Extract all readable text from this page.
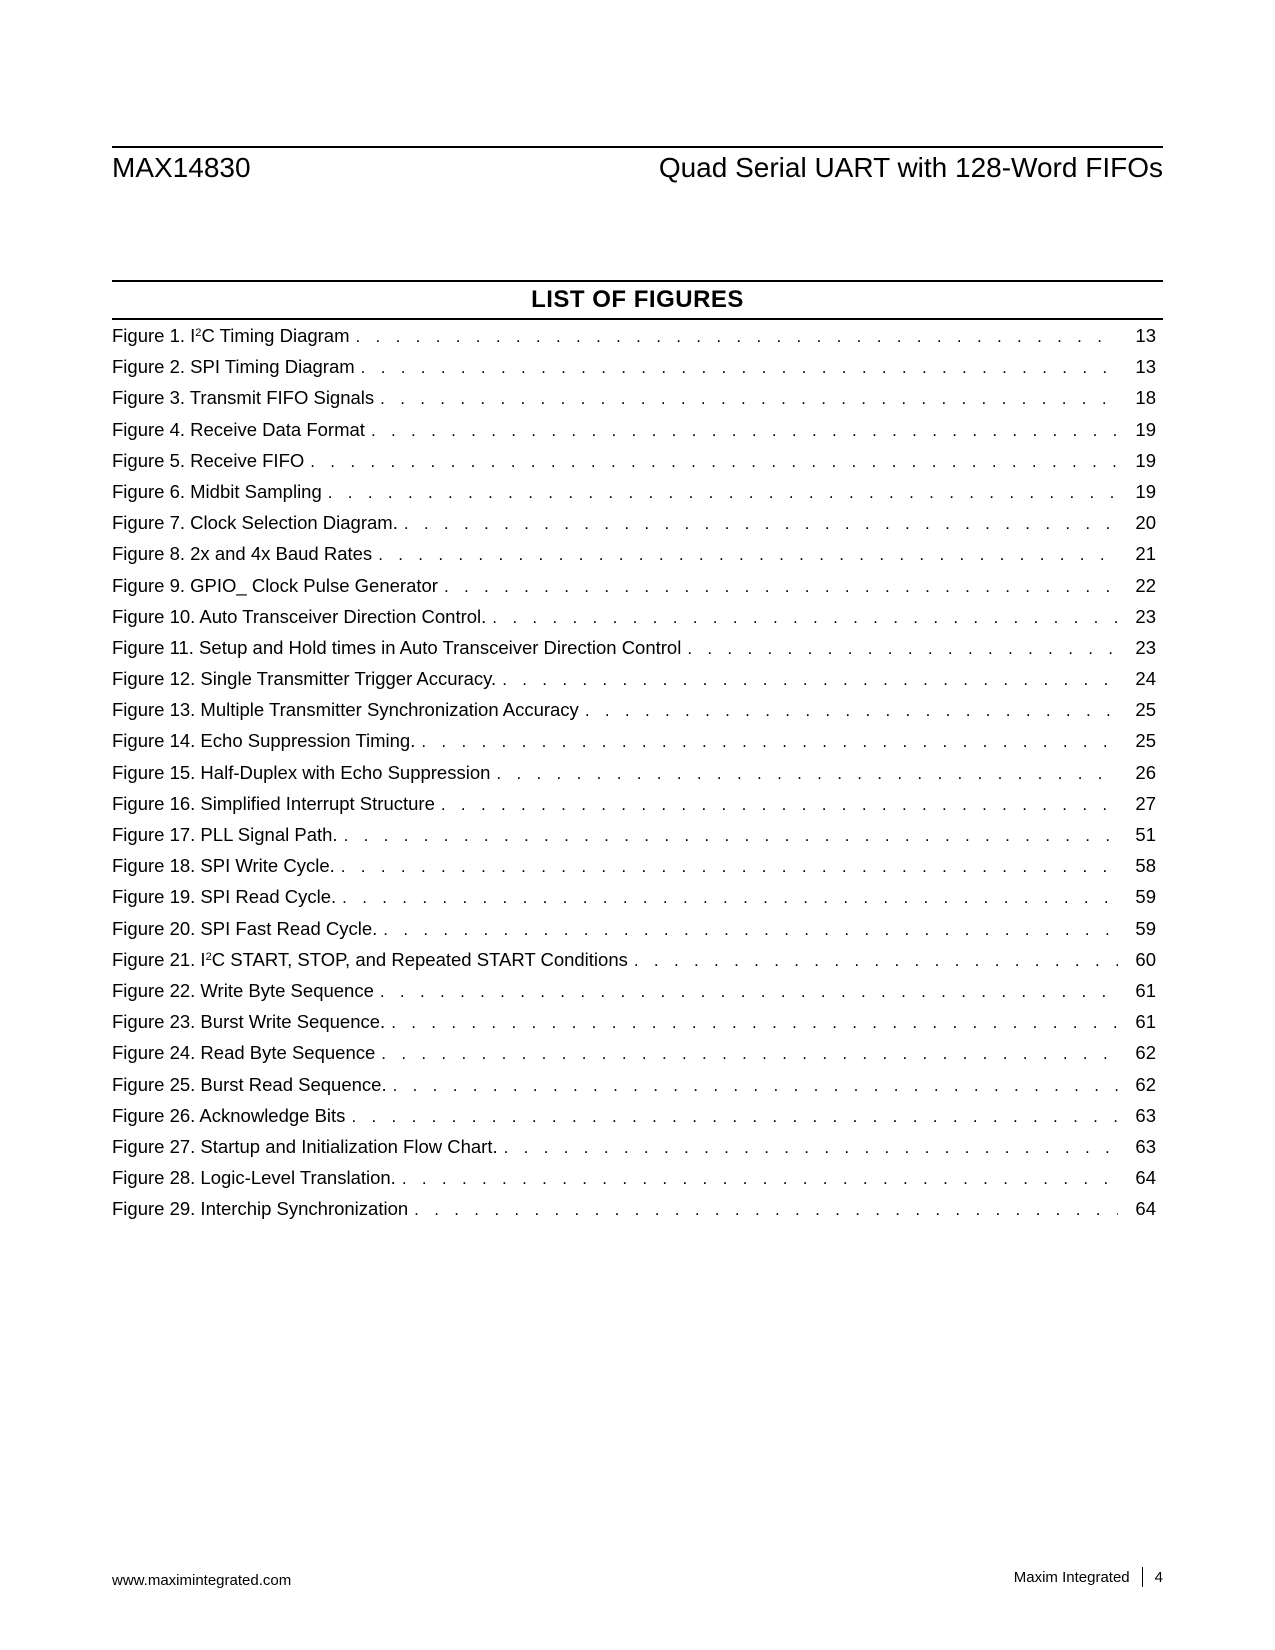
MAX14830	Quad Serial UART with 128-Word FIFOs
LIST OF FIGURES
Figure 1. $I^2C$ Timing Diagram . . .	13
Figure 2. SPI Timing Diagram . . .	13
Figure 3. Transmit FIFO Signals . . .	18
Figure 4. Receive Data Format . . .	19
Figure 5. Receive FIFO . . .	19
Figure 6. Midbit Sampling . . .	19
Figure 7. Clock Selection Diagram. . . .	20
Figure 8. 2x and 4x Baud Rates . . .	21
Figure 9. GPIO_ Clock Pulse Generator . . .	22
Figure 10. Auto Transceiver Direction Control. . . .	23
Figure 11. Setup and Hold times in Auto Transceiver Direction Control . . .	23
Figure 12. Single Transmitter Trigger Accuracy. . . .	24
Figure 13. Multiple Transmitter Synchronization Accuracy . . .	25
Figure 14. Echo Suppression Timing. . . .	25
Figure 15. Half-Duplex with Echo Suppression . . .	26
Figure 16. Simplified Interrupt Structure . . .	27
Figure 17. PLL Signal Path. . . .	51
Figure 18. SPI Write Cycle. . . .	58
Figure 19. SPI Read Cycle. . . .	59
Figure 20. SPI Fast Read Cycle. . . .	59
Figure 21. $I^2C$ START, STOP, and Repeated START Conditions . . .	60
Figure 22. Write Byte Sequence . . .	61
Figure 23. Burst Write Sequence. . . .	61
Figure 24. Read Byte Sequence . . .	62
Figure 25. Burst Read Sequence. . . .	62
Figure 26. Acknowledge Bits . . .	63
Figure 27. Startup and Initialization Flow Chart. . . .	63
Figure 28. Logic-Level Translation. . . .	64
Figure 29. Interchip Synchronization . . .	64
www.maximintegrated.com	Maxim Integrated 4
